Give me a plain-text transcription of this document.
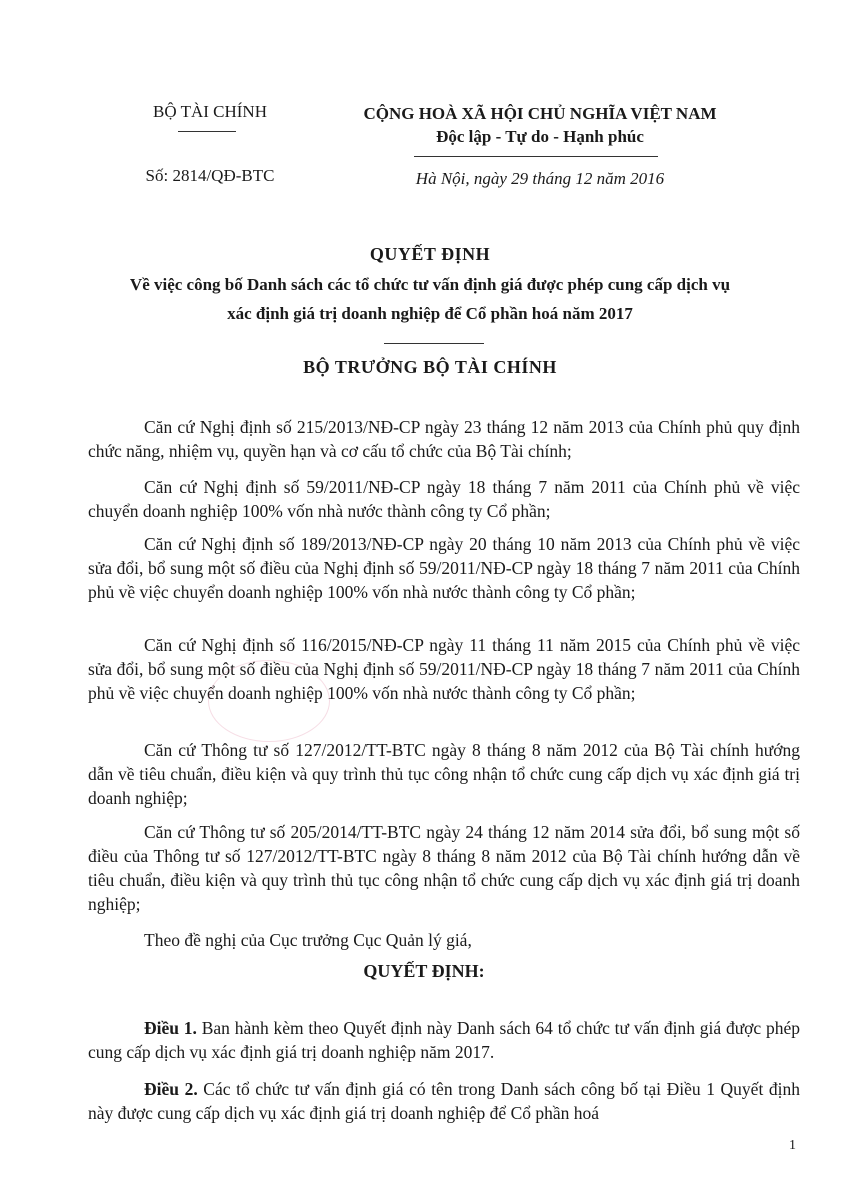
BỘ TÀI CHÍNH
Số: 2814/QĐ-BTC
CỘNG HOÀ XÃ HỘI CHỦ NGHĨA VIỆT NAM
Độc lập - Tự do - Hạnh phúc
Hà Nội, ngày 29 tháng 12 năm 2016
QUYẾT ĐỊNH
Về việc công bố Danh sách các tổ chức tư vấn định giá được phép cung cấp dịch vụ
xác định giá trị doanh nghiệp để Cổ phần hoá năm 2017
BỘ TRƯỞNG BỘ TÀI CHÍNH

Căn cứ Nghị định số 215/2013/NĐ-CP ngày 23 tháng 12 năm 2013 của Chính phủ quy định chức năng, nhiệm vụ, quyền hạn và cơ cấu tổ chức của Bộ Tài chính;

Căn cứ Nghị định số 59/2011/NĐ-CP ngày 18 tháng 7 năm 2011 của Chính phủ về việc chuyển doanh nghiệp 100% vốn nhà nước thành công ty Cổ phần;

Căn cứ Nghị định số 189/2013/NĐ-CP ngày 20 tháng 10 năm 2013 của Chính phủ về việc sửa đổi, bổ sung một số điều của Nghị định số 59/2011/NĐ-CP ngày 18 tháng 7 năm 2011 của Chính phủ về việc chuyển doanh nghiệp 100% vốn nhà nước thành công ty Cổ phần;

Căn cứ Nghị định số 116/2015/NĐ-CP ngày 11 tháng 11 năm 2015 của Chính phủ về việc sửa đổi, bổ sung một số điều của Nghị định số 59/2011/NĐ-CP ngày 18 tháng 7 năm 2011 của Chính phủ về việc chuyển doanh nghiệp 100% vốn nhà nước thành công ty Cổ phần;

Căn cứ Thông tư số 127/2012/TT-BTC ngày 8 tháng 8 năm 2012 của Bộ Tài chính hướng dẫn về tiêu chuẩn, điều kiện và quy trình thủ tục công nhận tổ chức cung cấp dịch vụ xác định giá trị doanh nghiệp;

Căn cứ Thông tư số 205/2014/TT-BTC ngày 24 tháng 12 năm 2014 sửa đổi, bổ sung một số điều của Thông tư số 127/2012/TT-BTC ngày 8 tháng 8 năm 2012 của Bộ Tài chính hướng dẫn về tiêu chuẩn, điều kiện và quy trình thủ tục công nhận tổ chức cung cấp dịch vụ xác định giá trị doanh nghiệp;

Theo đề nghị của Cục trưởng Cục Quản lý giá,

QUYẾT ĐỊNH:

Điều 1. Ban hành kèm theo Quyết định này Danh sách 64 tổ chức tư vấn định giá được phép cung cấp dịch vụ xác định giá trị doanh nghiệp năm 2017.

Điều 2. Các tổ chức tư vấn định giá có tên trong Danh sách công bố tại Điều 1 Quyết định này được cung cấp dịch vụ xác định giá trị doanh nghiệp để Cổ phần hoá

1
